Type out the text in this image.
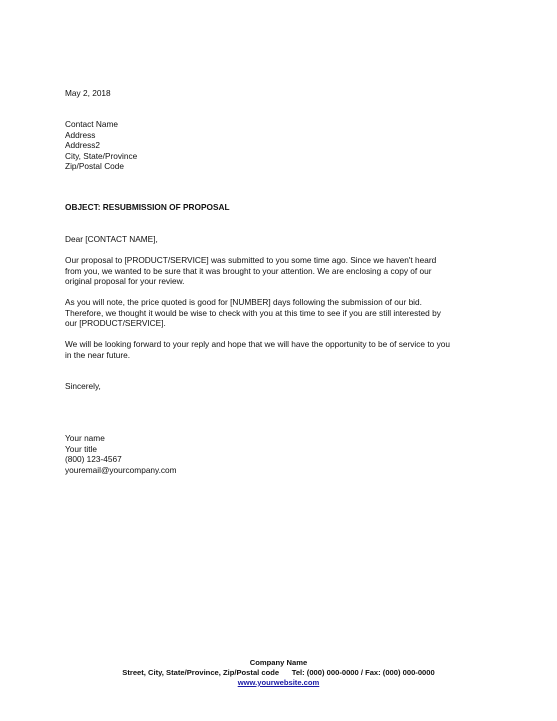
May 2, 2018
Contact Name
Address
Address2
City, State/Province
Zip/Postal Code
OBJECT: RESUBMISSION OF PROPOSAL
Dear [CONTACT NAME],
Our proposal to [PRODUCT/SERVICE] was submitted to you some time ago. Since we haven't heard
from you, we wanted to be sure that it was brought to your attention. We are enclosing a copy of our
original proposal for your review.
As you will note, the price quoted is good for [NUMBER] days following the submission of our bid.
Therefore, we thought it would be wise to check with you at this time to see if you are still interested by
our [PRODUCT/SERVICE].
We will be looking forward to your reply and hope that we will have the opportunity to be of service to you
in the near future.
Sincerely,
Your name
Your title
(800) 123-4567
youremail@yourcompany.com
Company Name
Street, City, State/Province, Zip/Postal code      Tel: (000) 000-0000 / Fax: (000) 000-0000
www.yourwebsite.com
